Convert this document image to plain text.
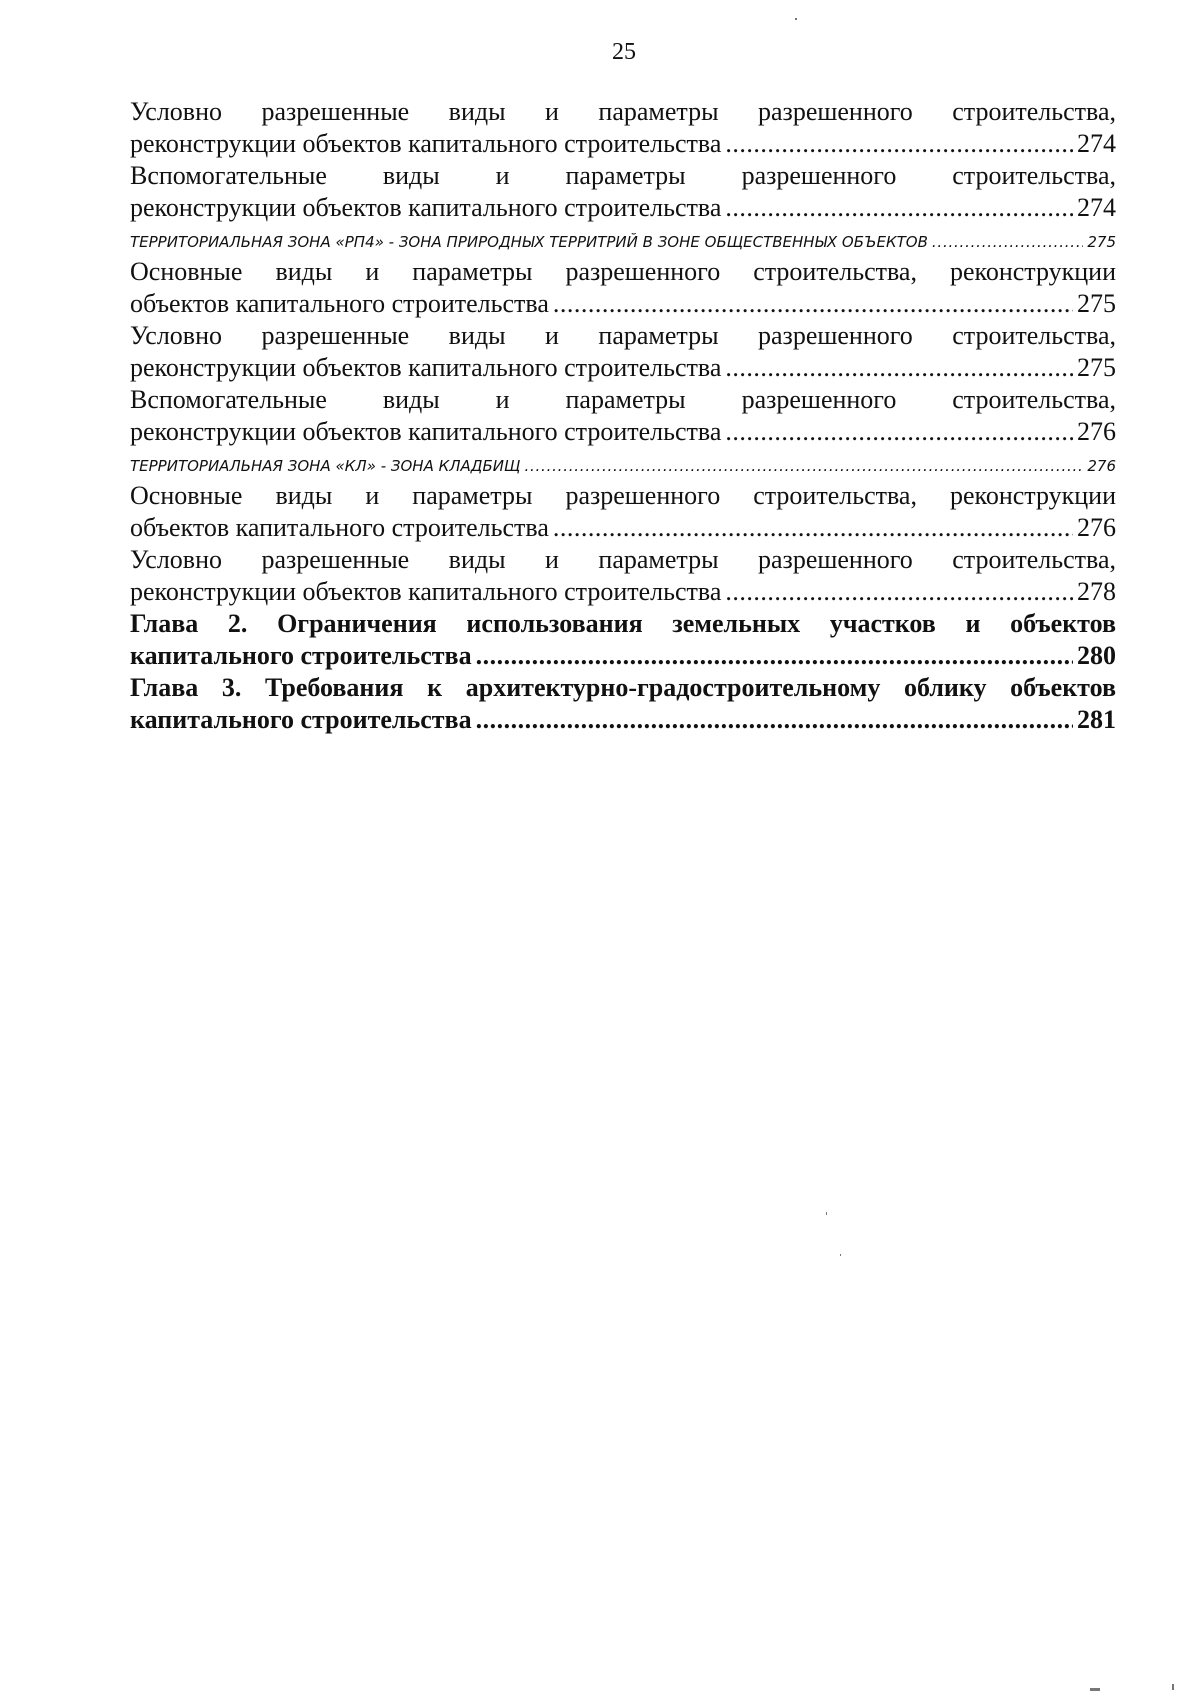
25
Условно разрешенные виды и параметры разрешенного строительства,
реконструкции объектов капитального строительства . . .	274
Вспомогательные виды и параметры разрешенного строительства,
реконструкции объектов капитального строительства . . .	274
ТЕРРИТОРИАЛЬНАЯ ЗОНА «РП4» - ЗОНА ПРИРОДНЫХ ТЕРРИТРИЙ В ЗОНЕ ОБЩЕСТВЕННЫХ ОБЪЕКТОВ . . .	275
Основные виды и параметры разрешенного строительства, реконструкции
объектов капитального строительства . . .	275
Условно разрешенные виды и параметры разрешенного строительства,
реконструкции объектов капитального строительства . . .	275
Вспомогательные виды и параметры разрешенного строительства,
реконструкции объектов капитального строительства . . .	276
ТЕРРИТОРИАЛЬНАЯ ЗОНА «КЛ» - ЗОНА КЛАДБИЩ . . .	276
Основные виды и параметры разрешенного строительства, реконструкции
объектов капитального строительства . . .	276
Условно разрешенные виды и параметры разрешенного строительства,
реконструкции объектов капитального строительства . . .	278
Глава 2. Ограничения использования земельных участков и объектов
капитального строительства . . .	280
Глава 3. Требования к архитектурно-градостроительному облику объектов
капитального строительства . . .	281
